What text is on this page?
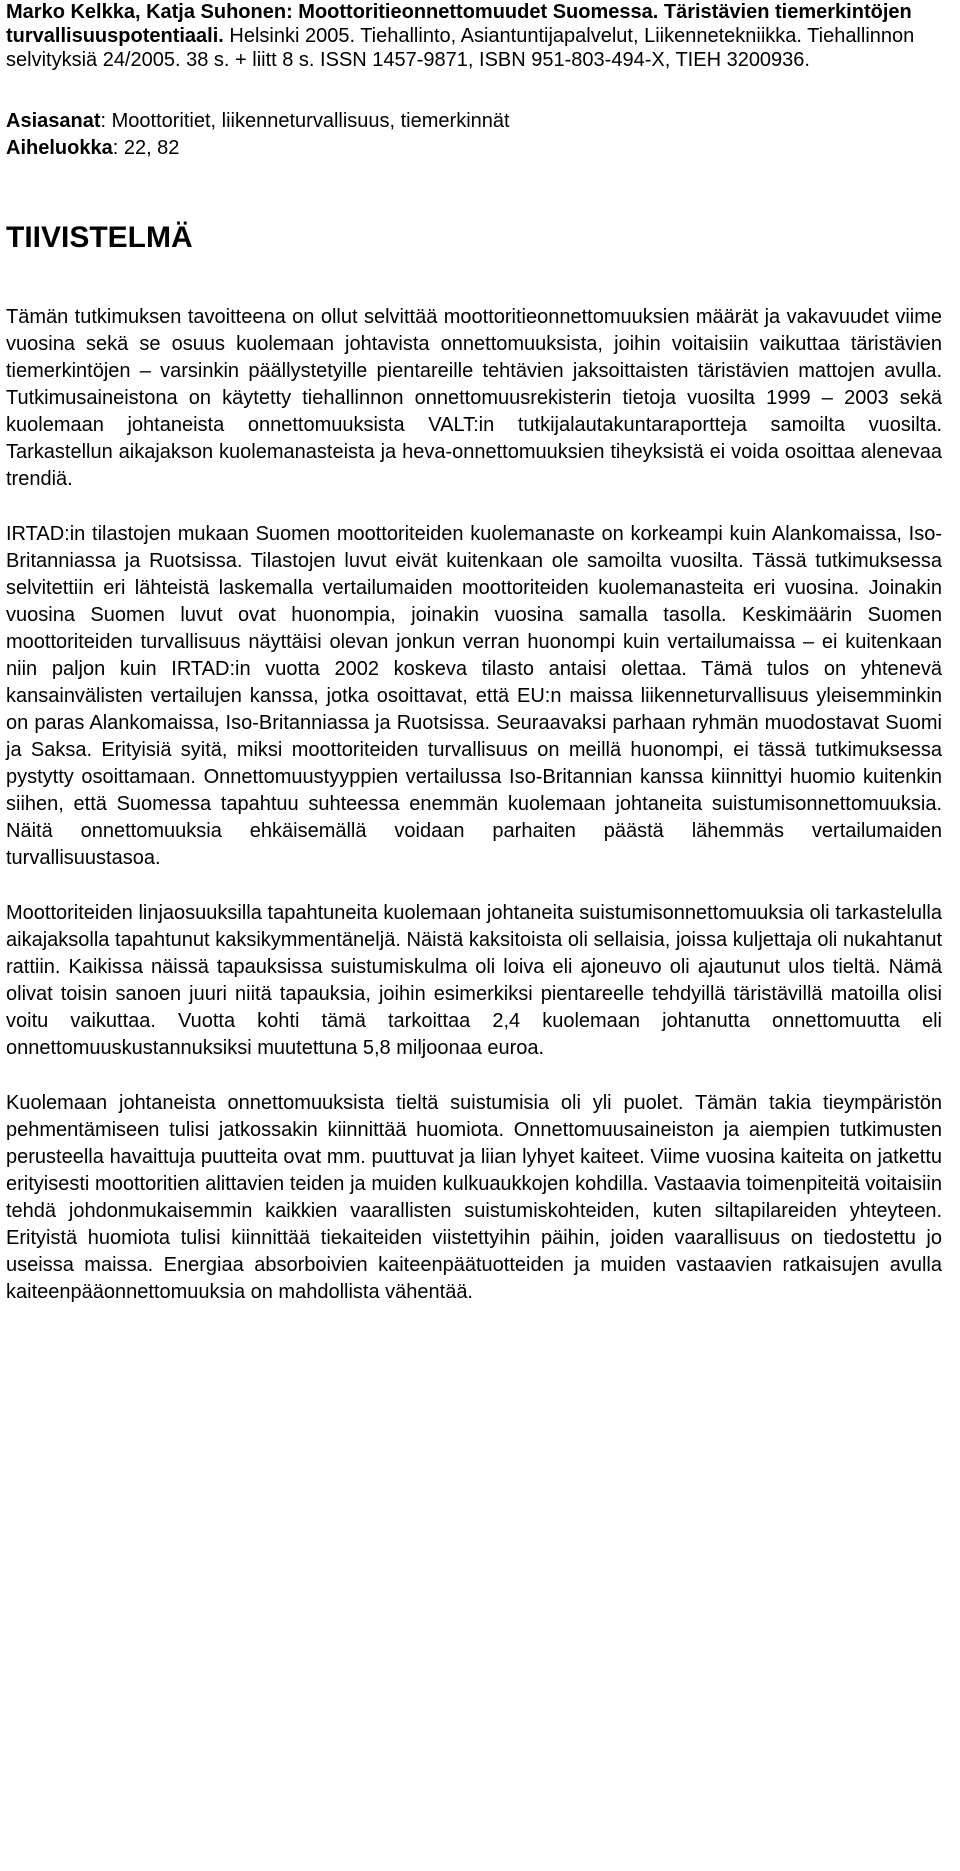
Marko Kelkka, Katja Suhonen: Moottoritieonnettomuudet Suomessa. Täristävien tiemerkintöjen turvallisuuspotentiaali. Helsinki 2005. Tiehallinto, Asiantuntijapalvelut, Liikennetekniikka. Tiehallinnon selvityksiä 24/2005. 38 s. + liitt 8 s. ISSN 1457-9871, ISBN 951-803-494-X, TIEH 3200936.

Asiasanat: Moottoritiet, liikenneturvallisuus, tiemerkinnät

Aiheluokka: 22, 82

TIIVISTELMÄ

Tämän tutkimuksen tavoitteena on ollut selvittää moottoritieonnettomuuksien määrät ja vakavuudet viime vuosina sekä se osuus kuolemaan johtavista onnettomuuksista, joihin voitaisiin vaikuttaa täristävien tiemerkintöjen – varsinkin päällystetyille pientareille tehtävien jaksoittaisten täristävien mattojen avulla. Tutkimusaineistona on käytetty tiehallinnon onnettomuusrekisterin tietoja vuosilta 1999 – 2003 sekä kuolemaan johtaneista onnettomuuksista VALT:in tutkijalautakuntaraportteja samoilta vuosilta. Tarkastellun aikajakson kuolemanasteista ja heva-onnettomuuksien tiheyksistä ei voida osoittaa alenevaa trendiä.

IRTAD:in tilastojen mukaan Suomen moottoriteiden kuolemanaste on korkeampi kuin Alankomaissa, Iso-Britanniassa ja Ruotsissa. Tilastojen luvut eivät kuitenkaan ole samoilta vuosilta. Tässä tutkimuksessa selvitettiin eri lähteistä laskemalla vertailumaiden moottoriteiden kuolemanasteita eri vuosina. Joinakin vuosina Suomen luvut ovat huonompia, joinakin vuosina samalla tasolla. Keskimäärin Suomen moottoriteiden turvallisuus näyttäisi olevan jonkun verran huonompi kuin vertailumaissa – ei kuitenkaan niin paljon kuin IRTAD:in vuotta 2002 koskeva tilasto antaisi olettaa. Tämä tulos on yhtenevä kansainvälisten vertailujen kanssa, jotka osoittavat, että EU:n maissa liikenneturvallisuus yleisemminkin on paras Alankomaissa, Iso-Britanniassa ja Ruotsissa. Seuraavaksi parhaan ryhmän muodostavat Suomi ja Saksa. Erityisiä syitä, miksi moottoriteiden turvallisuus on meillä huonompi, ei tässä tutkimuksessa pystytty osoittamaan. Onnettomuustyyppien vertailussa Iso-Britannian kanssa kiinnittyi huomio kuitenkin siihen, että Suomessa tapahtuu suhteessa enemmän kuolemaan johtaneita suistumisonnettomuuksia. Näitä onnettomuuksia ehkäisemällä voidaan parhaiten päästä lähemmäs vertailumaiden turvallisuustasoa.

Moottoriteiden linjaosuuksilla tapahtuneita kuolemaan johtaneita suistumisonnettomuuksia oli tarkastelulla aikajaksolla tapahtunut kaksikymmentäneljä. Näistä kaksitoista oli sellaisia, joissa kuljettaja oli nukahtanut rattiin. Kaikissa näissä tapauksissa suistumiskulma oli loiva eli ajoneuvo oli ajautunut ulos tieltä. Nämä olivat toisin sanoen juuri niitä tapauksia, joihin esimerkiksi pientareelle tehdyillä täristävillä matoilla olisi voitu vaikuttaa. Vuotta kohti tämä tarkoittaa 2,4 kuolemaan johtanutta onnettomuutta eli onnettomuuskustannuksiksi muutettuna 5,8 miljoonaa euroa.

Kuolemaan johtaneista onnettomuuksista tieltä suistumisia oli yli puolet. Tämän takia tieympäristön pehmentämiseen tulisi jatkossakin kiinnittää huomiota. Onnettomuusaineiston ja aiempien tutkimusten perusteella havaittuja puutteita ovat mm. puuttuvat ja liian lyhyet kaiteet. Viime vuosina kaiteita on jatkettu erityisesti moottoritien alittavien teiden ja muiden kulkuaukkojen kohdilla. Vastaavia toimenpiteitä voitaisiin tehdä johdonmukaisemmin kaikkien vaarallisten suistumiskohteiden, kuten siltapilareiden yhteyteen. Erityistä huomiota tulisi kiinnittää tiekaiteiden viistettyihin päihin, joiden vaarallisuus on tiedostettu jo useissa maissa. Energiaa absorboivien kaiteenpäätuotteiden ja muiden vastaavien ratkaisujen avulla kaiteenpääonnettomuuksia on mahdollista vähentää.
